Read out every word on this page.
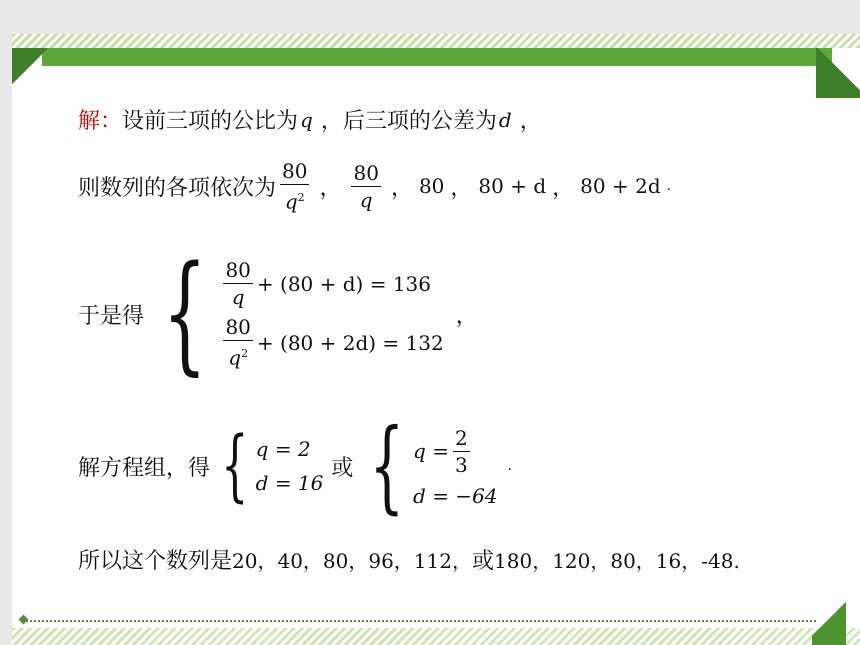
解 ： 设前三项的公比为 q ，后三项的公差为 d ，
则数列的各项依次为 $\frac{80}{q^2}$ ， $\frac{80}{q}$ ， 80 ， 80 + d ， 80 + 2d .
于是得 { $\frac{80}{q} + (80 + d) = 136$
$\frac{80}{q^2} + (80 + 2d) = 132$
，
解方程组，得 { q = 2
d = 16
或 { $q = \frac{2}{3}$
d = −64
.
所以这个数列是 20，40，80，96，112， 或 180，120，80，16，-48.
